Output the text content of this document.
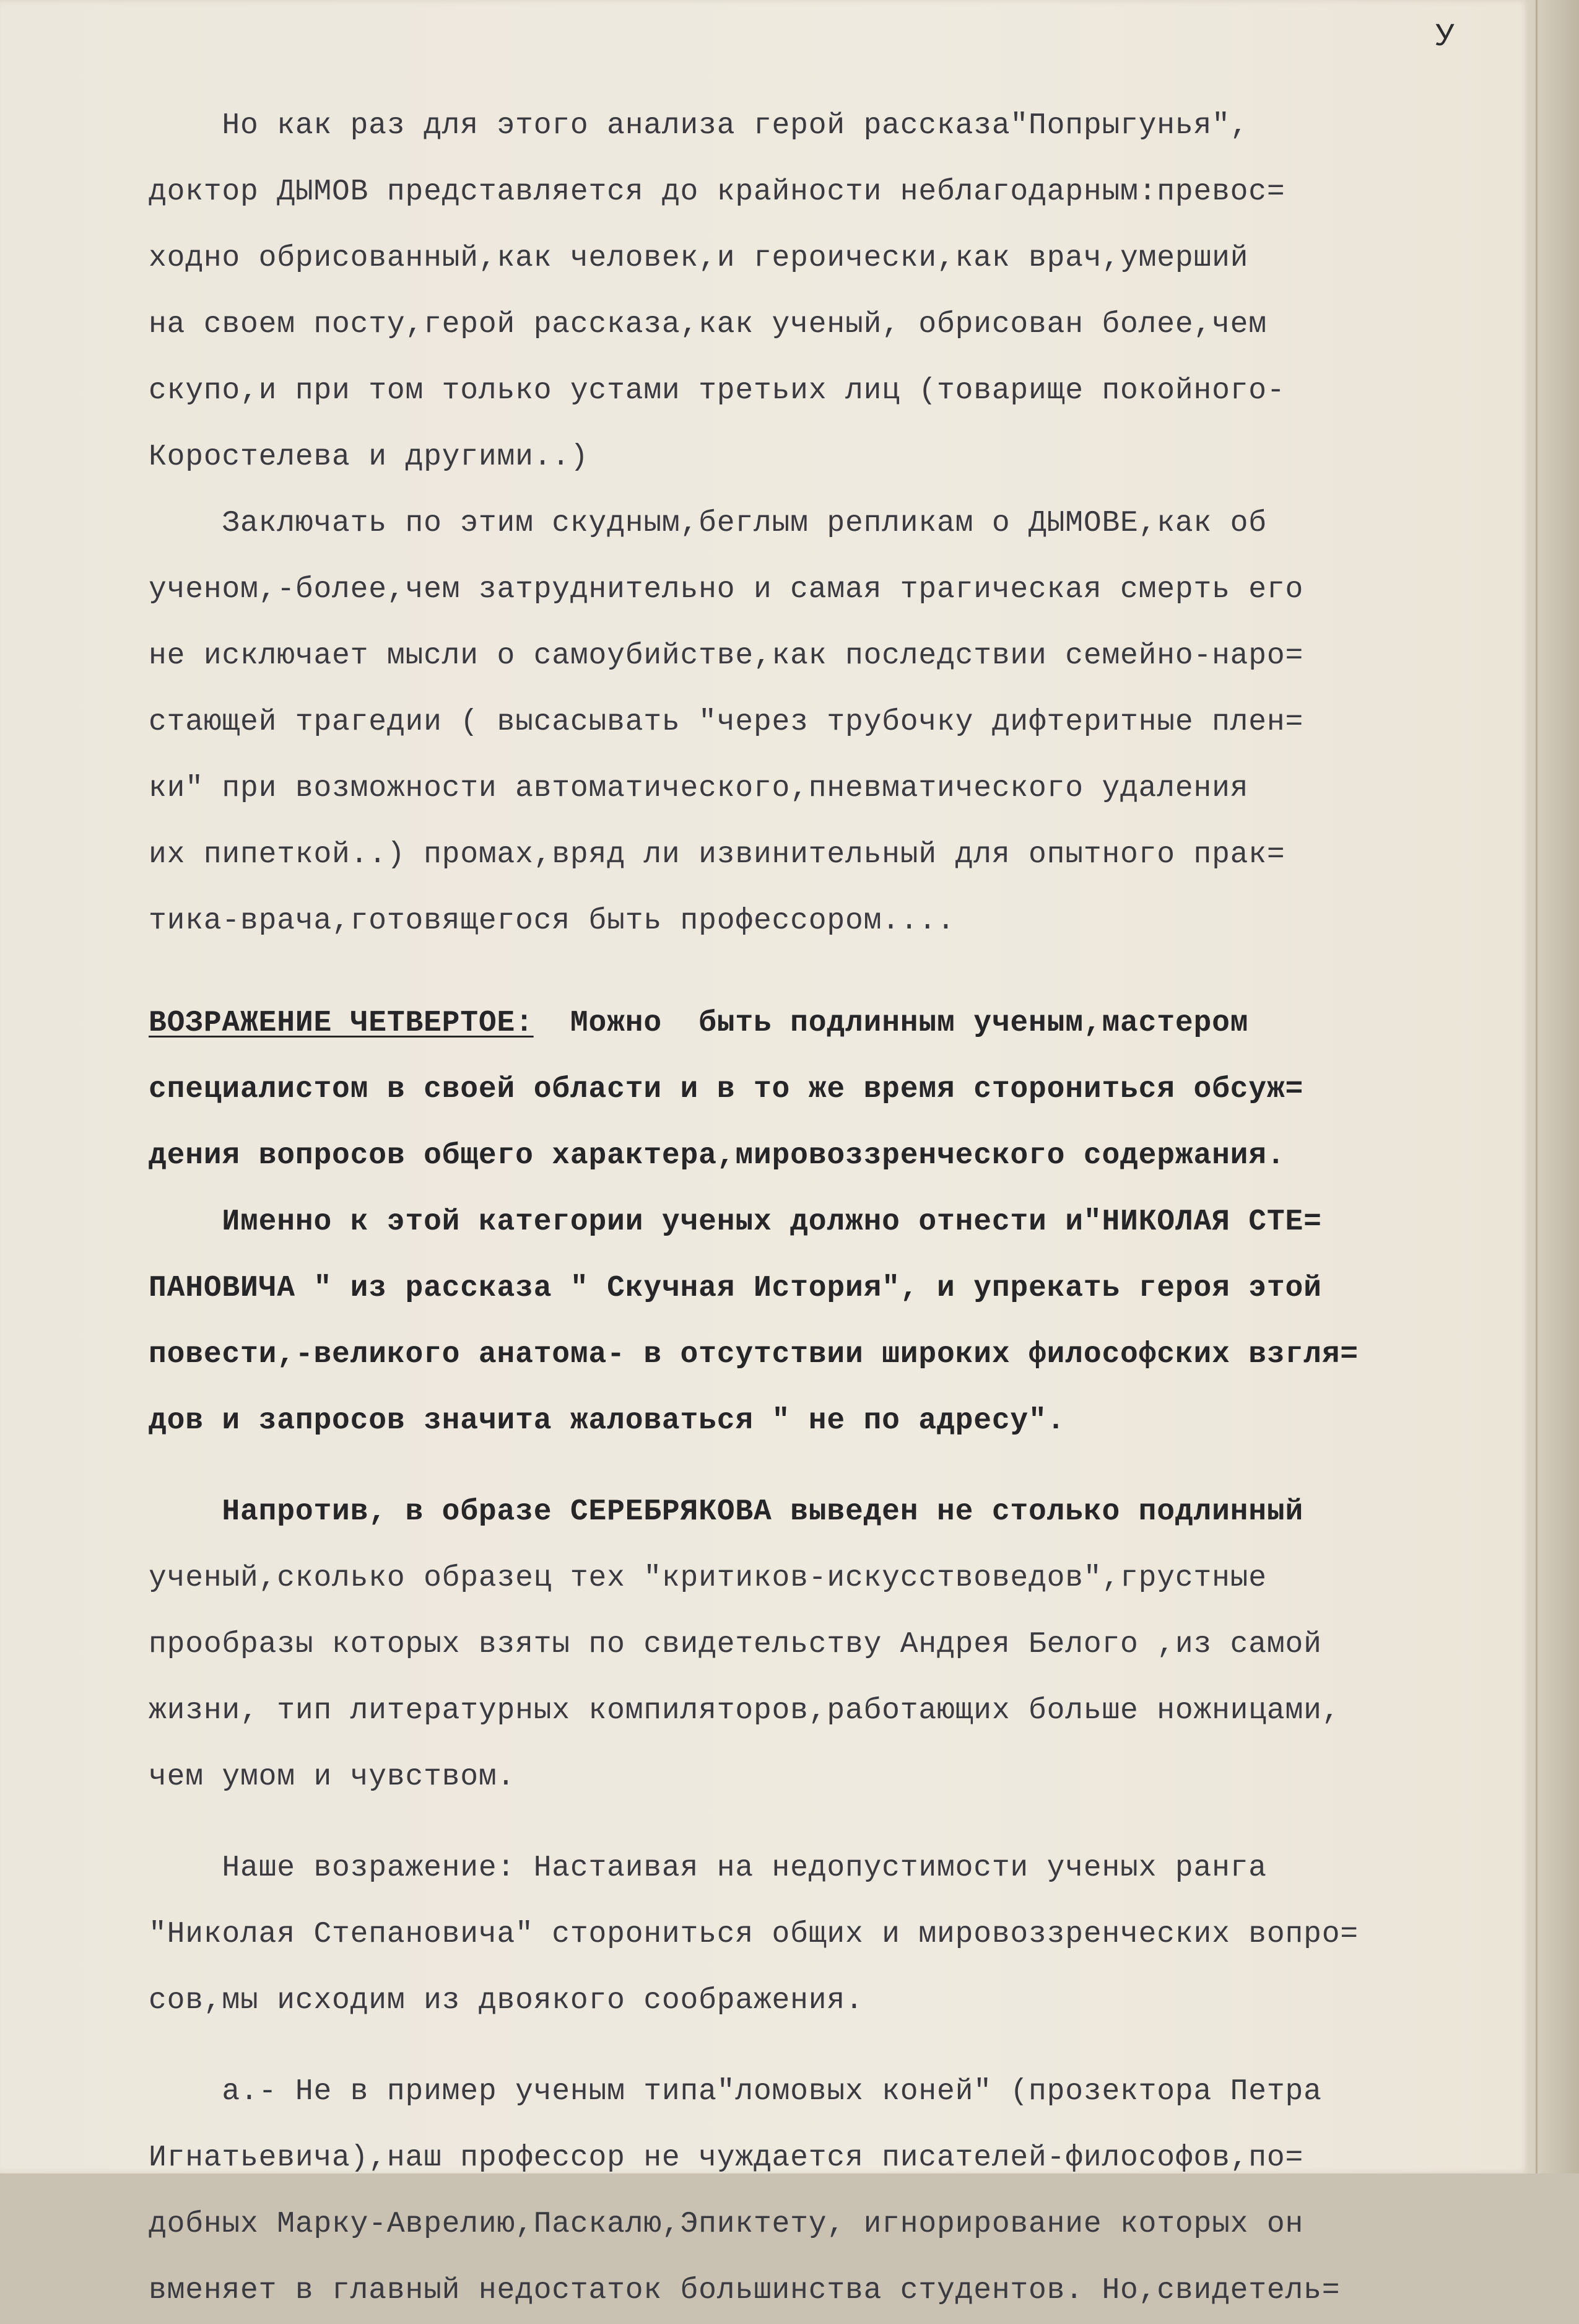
У
Но как раз для этого анализа герой рассказа"Попрыгунья",
доктор ДЫМОВ представляется до крайности неблагодарным:превос=
ходно обрисованный,как человек,и героически,как врач,умерший
на своем посту,герой рассказа,как ученый, обрисован более,чем
скупо,и при том только устами третьих лиц (товарище покойного-
Коростелева и другими..)
Заключать по этим скудным,беглым репликам о ДЫМОВЕ,как об
ученом,-более,чем затруднительно и самая трагическая смерть его
не исключает мысли о самоубийстве,как последствии семейно-наро=
стающей трагедии ( высасывать "через трубочку дифтеритные плен=
ки" при возможности автоматического,пневматического удаления
их пипеткой..) промах,вряд ли извинительный для опытного прак=
тика-врача,готовящегося быть профессором....
ВОЗРАЖЕНИЕ ЧЕТВЕРТОЕ:  Можно  быть подлинным ученым,мастером
специалистом в своей области и в то же время сторониться обсуж=
дения вопросов общего характера,мировоззренческого содержания.
Именно к этой категории ученых должно отнести и"НИКОЛАЯ СТЕ=
ПАНОВИЧА " из рассказа " Скучная История", и упрекать героя этой
повести,-великого анатома- в отсутствии широких философских взгля=
дов и запросов значита жаловаться " не по адресу".
Напротив, в образе СЕРЕБРЯКОВА выведен не столько подлинный
ученый,сколько образец тех "критиков-искусствоведов",грустные
прообразы которых взяты по свидетельству Андрея Белого ,из самой
жизни, тип литературных компиляторов,работающих больше ножницами,
чем умом и чувством.
Наше возражение: Настаивая на недопустимости ученых ранга
"Николая Степановича" сторониться общих и мировоззренческих вопро=
сов,мы исходим из двоякого соображения.
а.- Не в пример ученым типа"ломовых коней" (прозектора Петра
Игнатьевича),наш профессор не чуждается писателей-философов,по=
добных Марку-Аврелию,Паскалю,Эпиктету, игнорирование которых он
вменяет в главный недостаток большинства студентов. Но,свидетель=
